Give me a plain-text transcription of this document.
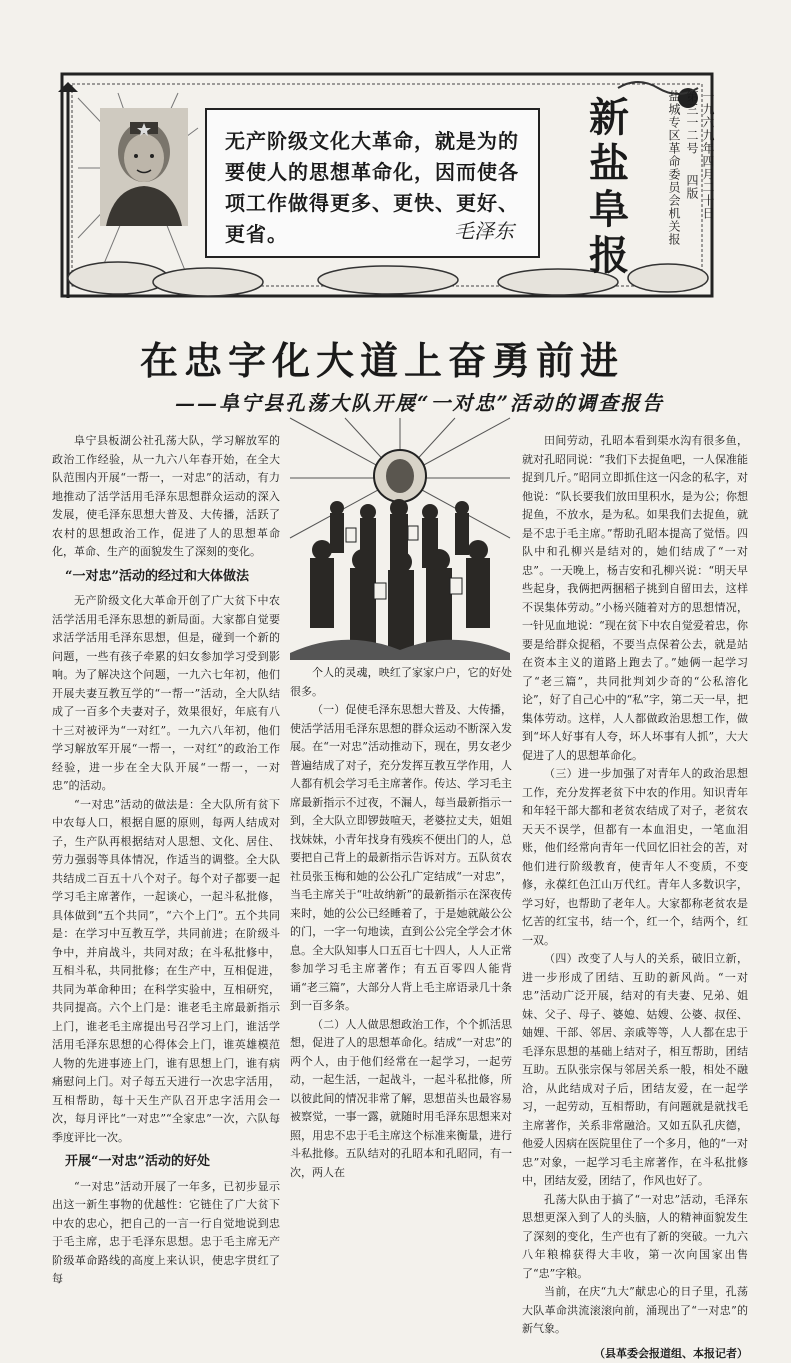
无产阶级文化大革命，就是为的要使人的思想革命化，因而使各项工作做得更多、更快、更好、更省。	毛泽东
新
盐
阜
报
一九六九年四月二十日
第三一二号
四版
盐城专区革命委员会机关报
在忠字化大道上奋勇前进
——阜宁县孔荡大队开展“一对忠”活动的调查报告

阜宁县板湖公社孔荡大队，学习解放军的政治工作经验，从一九六八年春开始，在全大队范围内开展“一帮一，一对忠”的活动，有力地推动了活学活用毛泽东思想群众运动的深入发展，使毛泽东思想大普及、大传播，活跃了农村的思想政治工作，促进了人的思想革命化，革命、生产的面貌发生了深刻的变化。

“一对忠”活动的经过和大体做法

无产阶级文化大革命开创了广大贫下中农活学活用毛泽东思想的新局面。大家都自觉要求活学活用毛泽东思想，但是，碰到一个新的问题，一些有孩子牵累的妇女参加学习受到影响。为了解决这个问题，一九六七年初，他们开展夫妻互教互学的“一帮一”活动，全大队结成了一百多个夫妻对子，效果很好，年底有八十三对被评为“一对红”。一九六八年初，他们学习解放军开展“一帮一，一对红”的政治工作经验，进一步在全大队开展“一帮一，一对忠”的活动。

“一对忠”活动的做法是：全大队所有贫下中农每人口，根据自愿的原则，每两人结成对子，生产队再根据结对人思想、文化、居住、劳力强弱等具体情况，作适当的调整。全大队共结成二百五十八个对子。每个对子都要一起学习毛主席著作，一起谈心，一起斗私批修，具体做到“五个共同”，“六个上门”。五个共同是：在学习中互教互学，共同前进；在阶级斗争中，并肩战斗，共同对敌；在斗私批修中，互相斗私，共同批修；在生产中，互相促进，共同为革命种田；在科学实验中，互相研究，共同提高。六个上门是：谁老毛主席最新指示上门，谁老毛主席提出号召学习上门，谁活学活用毛泽东思想的心得体会上门，谁英雄模范人物的先进事迹上门，谁有思想上门，谁有病痛慰问上门。对子每五天进行一次忠字活用，互相帮助，每十天生产队召开忠字活用会一次，每月评比“一对忠”“全家忠”一次，六队每季度评比一次。

开展“一对忠”活动的好处

“一对忠”活动开展了一年多，已初步显示出这一新生事物的优越性：它链住了广大贫下中农的忠心，把自己的一言一行自觉地说到忠于毛主席，忠于毛泽东思想。忠于毛主席无产阶级革命路线的高度上来认识，使忠字贯红了每

个人的灵魂，映红了家家户户，它的好处很多。

（一）促使毛泽东思想大普及、大传播，使活学活用毛泽东思想的群众运动不断深入发展。在“一对忠”活动推动下，现在，男女老少普遍结成了对子，充分发挥互教互学作用，人人都有机会学习毛主席著作。传达、学习毛主席最新指示不过夜，不漏人，每当最新指示一到，全大队立即锣鼓喧天，老婆拉丈夫，姐姐找妹妹，小青年找身有残疾不便出门的人，总要把自己背上的最新指示告诉对方。五队贫农社员张玉梅和她的公公孔广定结成“一对忠”，当毛主席关于“吐故纳新”的最新指示在深夜传来时，她的公公已经睡着了，于是她就敲公公的门，一字一句地读，直到公公完全学会才休息。全大队知事人口五百七十四人，人人正常参加学习毛主席著作；有五百零四人能背诵“老三篇”，大部分人背上毛主席语录几十条到一百多条。

（二）人人做思想政治工作，个个抓活思想，促进了人的思想革命化。结成“一对忠”的两个人，由于他们经常在一起学习，一起劳动，一起生活，一起战斗，一起斗私批修，所以彼此间的情况非常了解，思想苗头也最容易被察觉，一事一露，就随时用毛泽东思想来对照，用忠不忠于毛主席这个标准来衡量，进行斗私批修。五队结对的孔昭本和孔昭同，有一次，两人在

田间劳动，孔昭本看到渠水沟有很多鱼，就对孔昭同说：“我们下去捉鱼吧，一人保准能捉到几斤。”昭同立即抓住这一闪念的私字，对他说：“队长要我们放田里积水，是为公；你想捉鱼，不放水，是为私。如果我们去捉鱼，就是不忠于毛主席。”帮助孔昭本提高了觉悟。四队中和孔柳兴是结对的，她们结成了“一对忠”。一天晚上，杨吉安和孔柳兴说：“明天早些起身，我俩把两捆稻子挑到自留田去，这样不误集体劳动。”小杨兴随着对方的思想情况，一针见血地说：“现在贫下中农自觉爱着忠，你要是给群众捉稻，不要当点保着公去，就是站在资本主义的道路上跑去了。”她俩一起学习了“老三篇”，共同批判刘少奇的“公私溶化论”，好了自己心中的“私”字，第二天一早，把集体劳动。这样，人人都做政治思想工作，做到“坏人好事有人夸，坏人坏事有人抓”，大大促进了人的思想革命化。

（三）进一步加强了对青年人的政治思想工作，充分发挥老贫下中农的作用。知识青年和年轻干部大都和老贫农结成了对子，老贫农天天不误学，但都有一本血泪史，一笔血泪账，他们经常向青年一代回忆旧社会的苦，对他们进行阶级教育，使青年人不变质，不变修，永葆红色江山万代红。青年人多数识字，学习好，也帮助了老年人。大家都称老贫农是忆苦的红宝书，结一个，红一个，结两个，红一双。

（四）改变了人与人的关系，破旧立新，进一步形成了团结、互助的新风尚。“一对忠”活动广泛开展，结对的有夫妻、兄弟、姐妹、父子、母子、婆媳、姑嫂、公婆、叔侄、妯娌、干部、邻居、亲戚等等，人人都在忠于毛泽东思想的基础上结对子，相互帮助，团结互助。五队张宗保与邻居关系一般，相处不融洽，从此结成对子后，团结友爱，在一起学习，一起劳动，互相帮助，有问题就是就找毛主席著作，关系非常融洽。又如五队孔庆德，他爱人因病在医院里住了一个多月，他的“一对忠”对象，一起学习毛主席著作，在斗私批修中，团结友爱，团结了，作风也好了。

孔荡大队由于搞了“一对忠”活动，毛泽东思想更深入到了人的头脑，人的精神面貌发生了深刻的变化，生产也有了新的突破。一九六八年粮棉获得大丰收，第一次向国家出售了“忠”字粮。

当前，在庆“九大”献忠心的日子里，孔荡大队革命洪流滚滚向前，涌现出了“一对忠”的新气象。

（县革委会报道组、本报记者）
